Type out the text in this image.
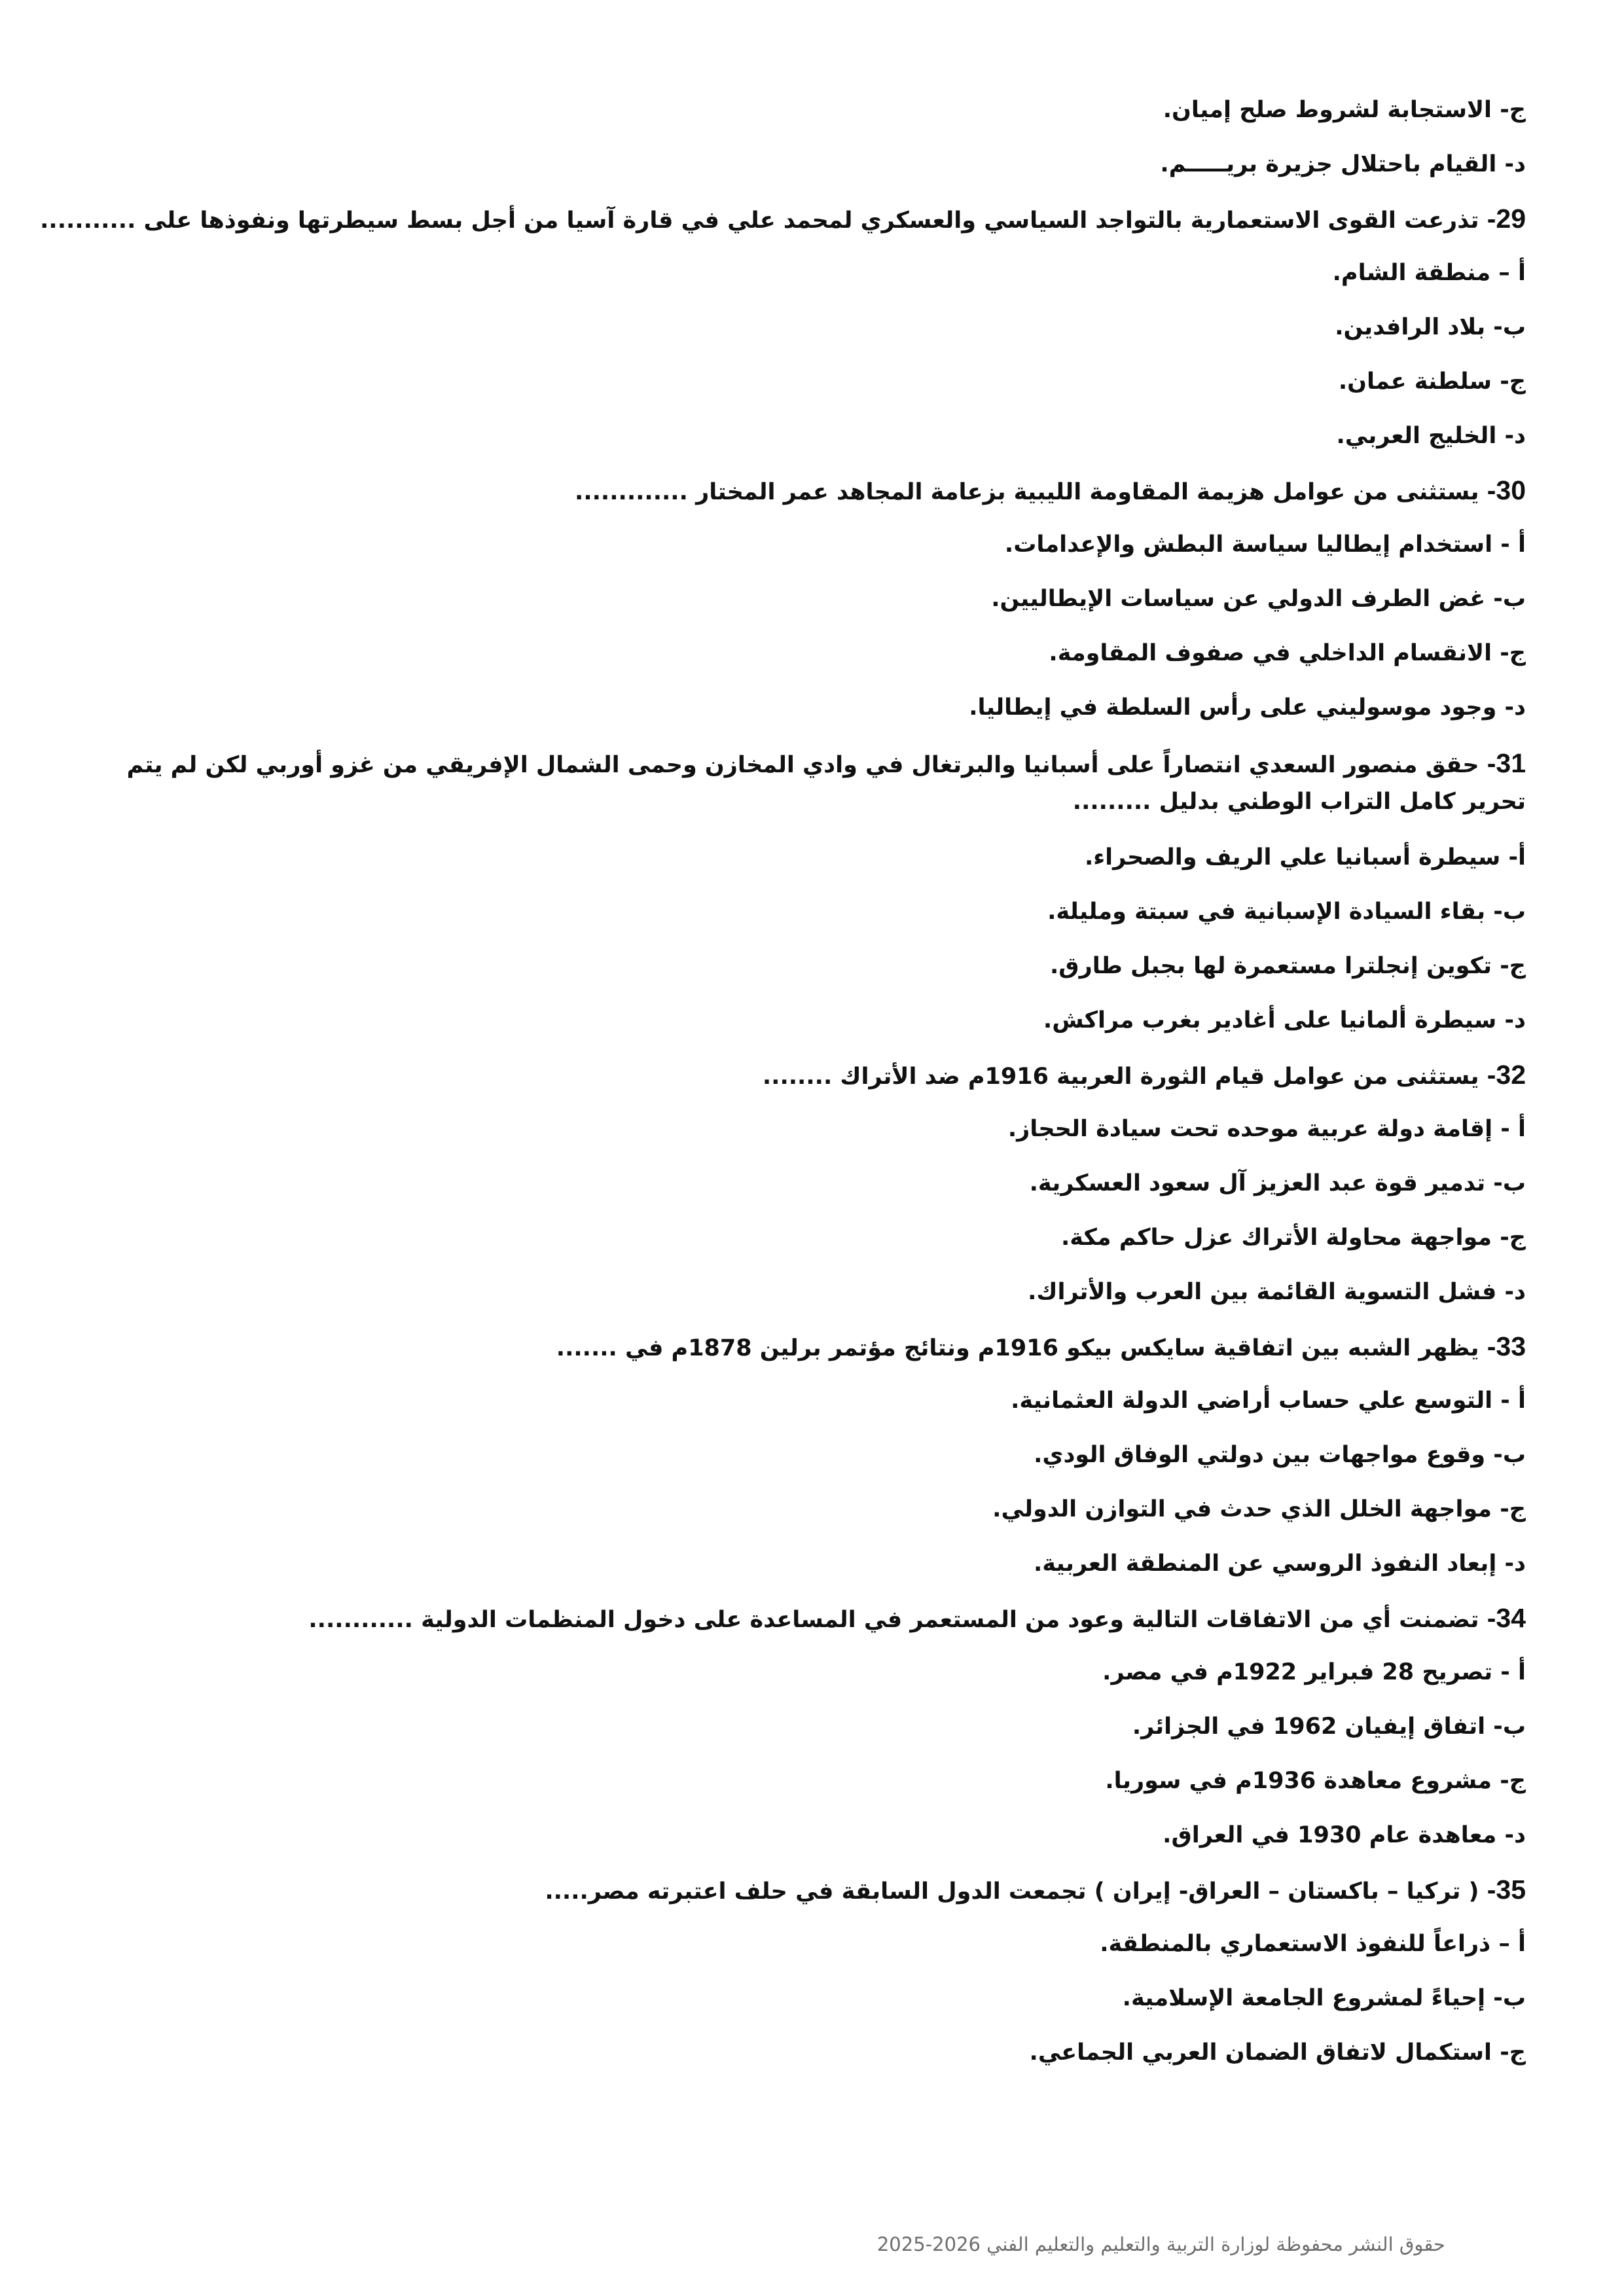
ج- الاستجابة لشروط صلح إميان.
د- القيام باحتلال جزيرة بريـــــم.
29- تذرعت القوى الاستعمارية بالتواجد السياسي والعسكري لمحمد علي في قارة آسيا من أجل بسط سيطرتها ونفوذها على ...........
أ – منطقة الشام.
ب- بلاد الرافدين.
ج- سلطنة عمان.
د- الخليج العربي.
30- يستثنى من عوامل هزيمة المقاومة الليبية بزعامة المجاهد عمر المختار .............
أ - استخدام إيطاليا سياسة البطش والإعدامات.
ب- غض الطرف الدولي عن سياسات الإيطاليين.
ج- الانقسام الداخلي في صفوف المقاومة.
د- وجود موسوليني على رأس السلطة في إيطاليا.
31- حقق منصور السعدي انتصاراً على أسبانيا والبرتغال في وادي المخازن وحمى الشمال الإفريقي من غزو أوربي لكن لم يتم تحرير كامل التراب الوطني بدليل .........
أ- سيطرة أسبانيا علي الريف والصحراء.
ب- بقاء السيادة الإسبانية في سبتة ومليلة.
ج- تكوين إنجلترا مستعمرة لها بجبل طارق.
د- سيطرة ألمانيا على أغادير بغرب مراكش.
32- يستثنى من عوامل قيام الثورة العربية 1916م ضد الأتراك ........
أ - إقامة دولة عربية موحده تحت سيادة الحجاز.
ب- تدمير قوة عبد العزيز آل سعود العسكرية.
ج- مواجهة محاولة الأتراك عزل حاكم مكة.
د- فشل التسوية القائمة بين العرب والأتراك.
33- يظهر الشبه بين اتفاقية سايكس بيكو 1916م ونتائج مؤتمر برلين 1878م في .......
أ - التوسع علي حساب أراضي الدولة العثمانية.
ب- وقوع مواجهات بين دولتي الوفاق الودي.
ج- مواجهة الخلل الذي حدث في التوازن الدولي.
د- إبعاد النفوذ الروسي عن المنطقة العربية.
34- تضمنت أي من الاتفاقات التالية وعود من المستعمر في المساعدة على دخول المنظمات الدولية ............
أ - تصريح 28 فبراير 1922م في مصر.
ب- اتفاق إيفيان 1962 في الجزائر.
ج- مشروع معاهدة 1936م في سوريا.
د- معاهدة عام 1930 في العراق.
35- ( تركيا – باكستان – العراق- إيران ) تجمعت الدول السابقة في حلف اعتبرته مصر.....
أ – ذراعاً للنفوذ الاستعماري بالمنطقة.
ب- إحياءً لمشروع الجامعة الإسلامية.
ج- استكمال لاتفاق الضمان العربي الجماعي.
حقوق النشر محفوظة لوزارة التربية والتعليم والتعليم الفني 2026-2025
